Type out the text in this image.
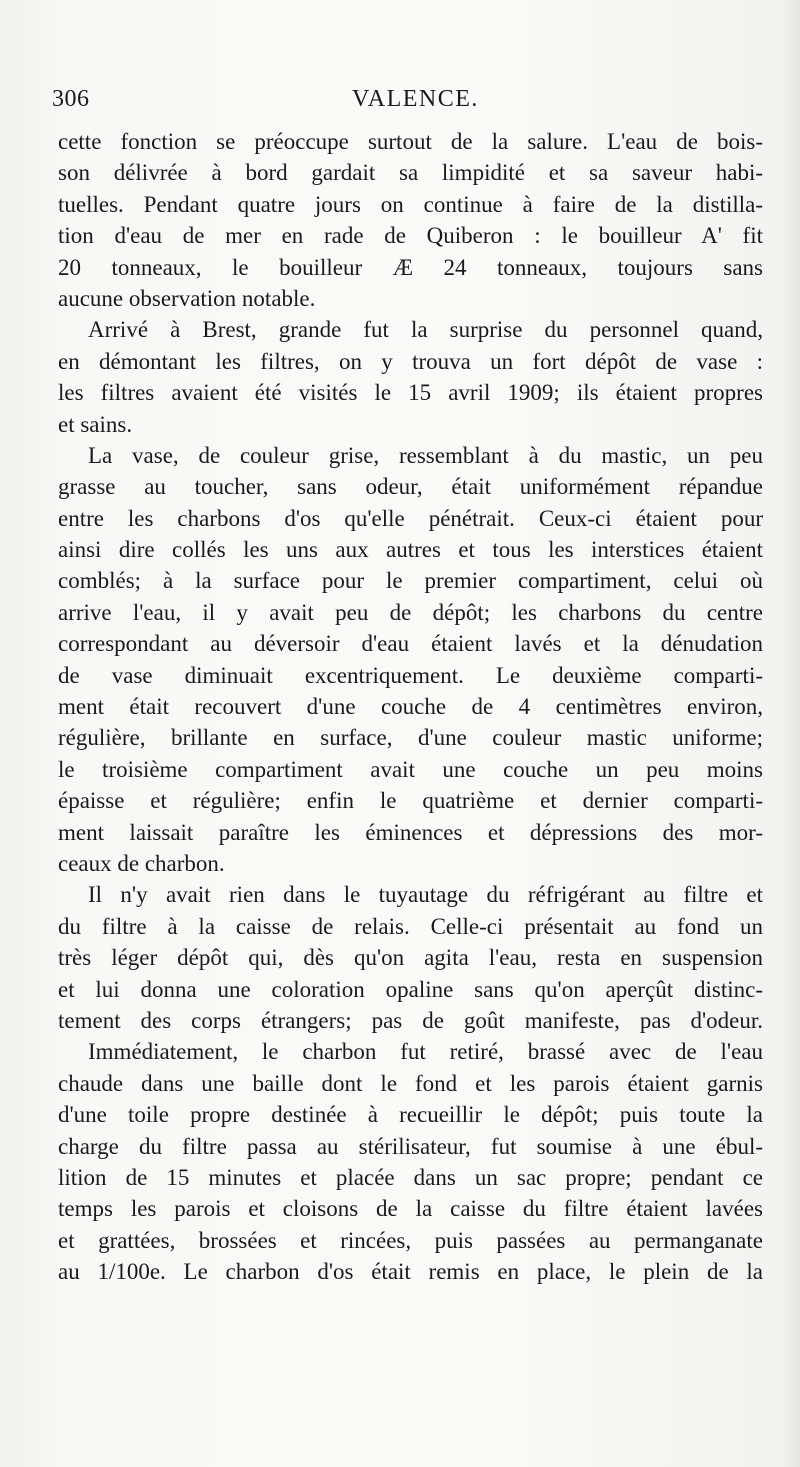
306	VALENCE.
cette fonction se préoccupe surtout de la salure. L'eau de bois-
son délivrée à bord gardait sa limpidité et sa saveur habi-
tuelles. Pendant quatre jours on continue à faire de la distilla-
tion d'eau de mer en rade de Quiberon : le bouilleur A' fit
20 tonneaux, le bouilleur Æ 24 tonneaux, toujours sans
aucune observation notable.
Arrivé à Brest, grande fut la surprise du personnel quand,
en démontant les filtres, on y trouva un fort dépôt de vase :
les filtres avaient été visités le 15 avril 1909; ils étaient propres
et sains.
La vase, de couleur grise, ressemblant à du mastic, un peu
grasse au toucher, sans odeur, était uniformément répandue
entre les charbons d'os qu'elle pénétrait. Ceux-ci étaient pour
ainsi dire collés les uns aux autres et tous les interstices étaient
comblés; à la surface pour le premier compartiment, celui où
arrive l'eau, il y avait peu de dépôt; les charbons du centre
correspondant au déversoir d'eau étaient lavés et la dénudation
de vase diminuait excentriquement. Le deuxième comparti-
ment était recouvert d'une couche de 4 centimètres environ,
régulière, brillante en surface, d'une couleur mastic uniforme;
le troisième compartiment avait une couche un peu moins
épaisse et régulière; enfin le quatrième et dernier comparti-
ment laissait paraître les éminences et dépressions des mor-
ceaux de charbon.
Il n'y avait rien dans le tuyautage du réfrigérant au filtre et
du filtre à la caisse de relais. Celle-ci présentait au fond un
très léger dépôt qui, dès qu'on agita l'eau, resta en suspension
et lui donna une coloration opaline sans qu'on aperçût distinc-
tement des corps étrangers; pas de goût manifeste, pas d'odeur.
Immédiatement, le charbon fut retiré, brassé avec de l'eau
chaude dans une baille dont le fond et les parois étaient garnis
d'une toile propre destinée à recueillir le dépôt; puis toute la
charge du filtre passa au stérilisateur, fut soumise à une ébul-
lition de 15 minutes et placée dans un sac propre; pendant ce
temps les parois et cloisons de la caisse du filtre étaient lavées
et grattées, brossées et rincées, puis passées au permanganate
au 1/100e. Le charbon d'os était remis en place, le plein de la
